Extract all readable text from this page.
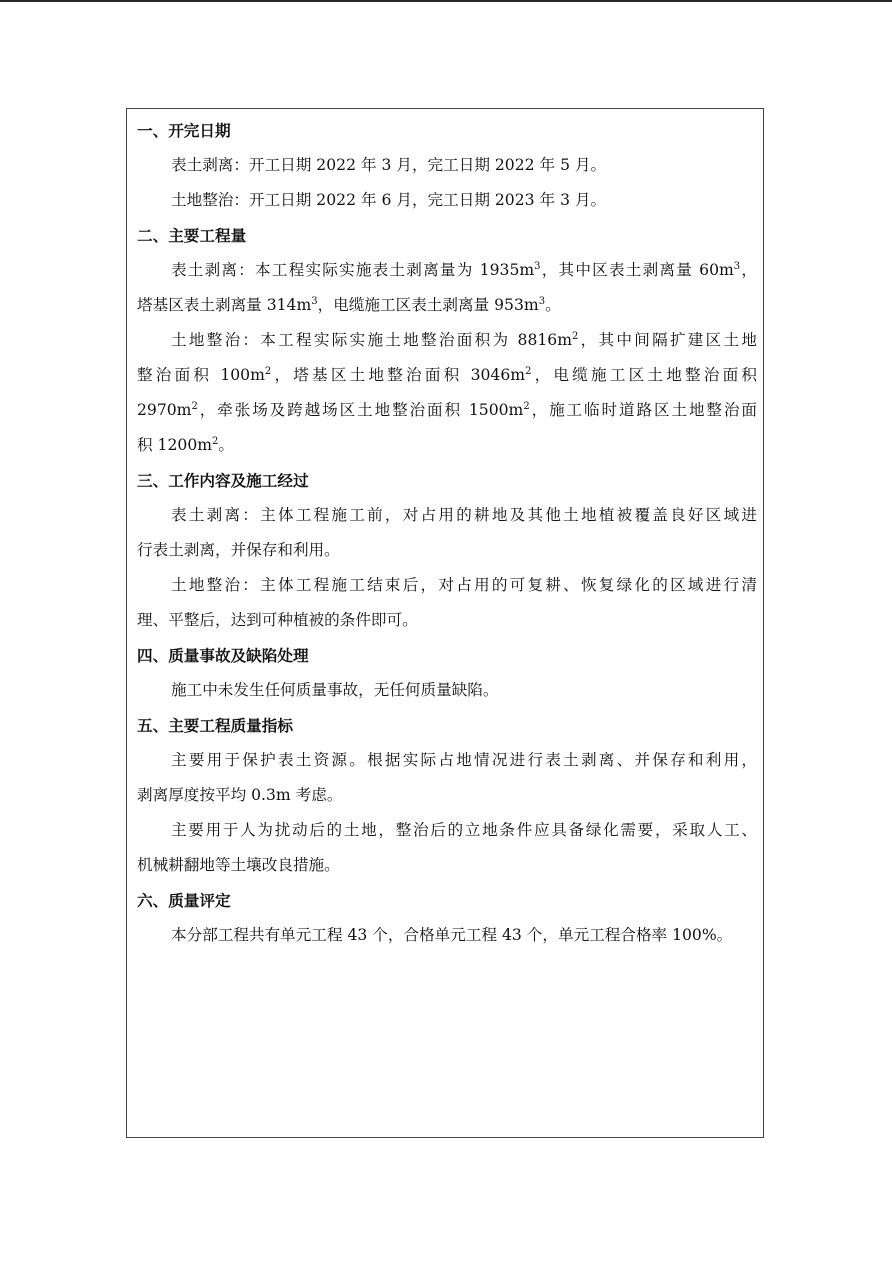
一、开完日期
表土剥离：开工日期 2022 年 3 月，完工日期 2022 年 5 月。
土地整治：开工日期 2022 年 6 月，完工日期 2023 年 3 月。
二、主要工程量
表土剥离：本工程实际实施表土剥离量为 $1935m^3$，其中区表土剥离量 $60m^3$，
塔基区表土剥离量 $314m^3$，电缆施工区表土剥离量 $953m^3$。
土地整治：本工程实际实施土地整治面积为 $8816m^2$，其中间隔扩建区土地
整治面积 $100m^2$，塔基区土地整治面积 $3046m^2$，电缆施工区土地整治面积
$2970m^2$，牵张场及跨越场区土地整治面积 $1500m^2$，施工临时道路区土地整治面
积 $1200m^2$。
三、工作内容及施工经过
表土剥离：主体工程施工前，对占用的耕地及其他土地植被覆盖良好区域进
行表土剥离，并保存和利用。
土地整治：主体工程施工结束后，对占用的可复耕、恢复绿化的区域进行清
理、平整后，达到可种植被的条件即可。
四、质量事故及缺陷处理
施工中未发生任何质量事故，无任何质量缺陷。
五、主要工程质量指标
主要用于保护表土资源。根据实际占地情况进行表土剥离、并保存和利用，
剥离厚度按平均 0.3m 考虑。
主要用于人为扰动后的土地，整治后的立地条件应具备绿化需要，采取人工、
机械耕翻地等土壤改良措施。
六、质量评定
本分部工程共有单元工程 43 个，合格单元工程 43 个，单元工程合格率 100%。
